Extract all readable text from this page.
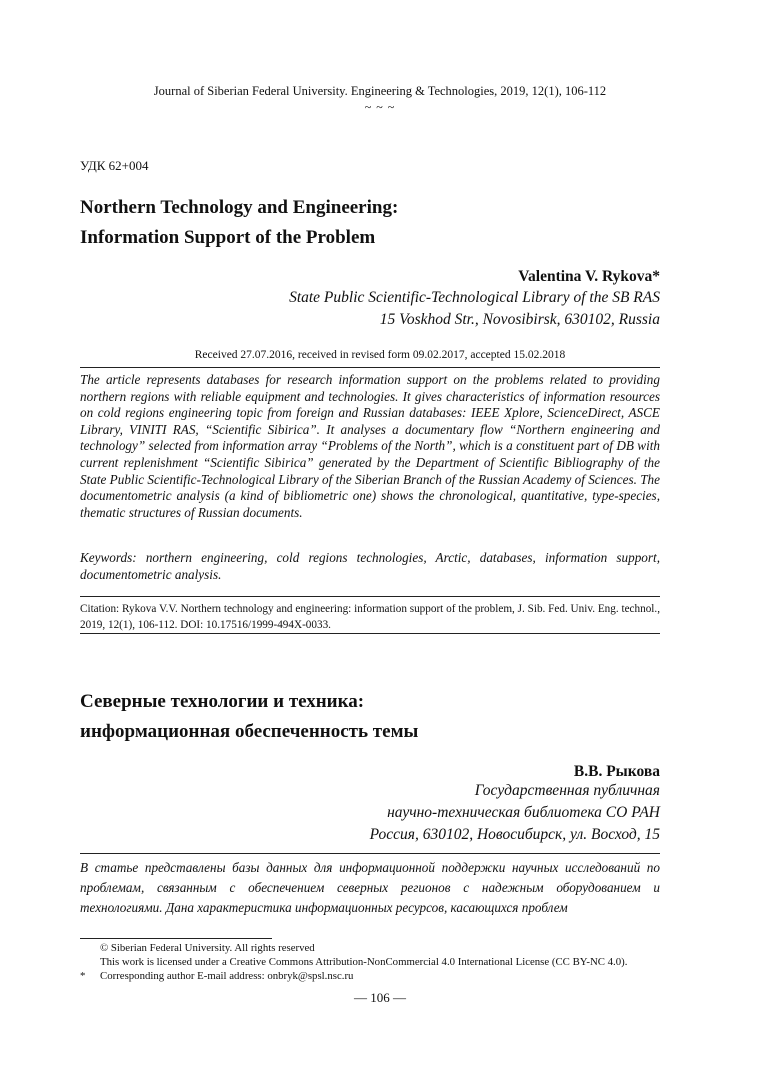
Journal of Siberian Federal University. Engineering & Technologies, 2019, 12(1), 106-112
~ ~ ~
УДК 62+004
Northern Technology and Engineering:
Information Support of the Problem
Valentina V. Rykova*
State Public Scientific-Technological Library of the SB RAS
15 Voskhod Str., Novosibirsk, 630102, Russia
Received 27.07.2016, received in revised form 09.02.2017, accepted 15.02.2018
The article represents databases for research information support on the problems related to providing northern regions with reliable equipment and technologies. It gives characteristics of information resources on cold regions engineering topic from foreign and Russian databases: IEEE Xplore, ScienceDirect, ASCE Library, VINITI RAS, “Scientific Sibirica”. It analyses a documentary flow “Northern engineering and technology” selected from information array “Problems of the North”, which is a constituent part of DB with current replenishment “Scientific Sibirica” generated by the Department of Scientific Bibliography of the State Public Scientific-Technological Library of the Siberian Branch of the Russian Academy of Sciences. The documentometric analysis (a kind of bibliometric one) shows the chronological, quantitative, type-species, thematic structures of Russian documents.
Keywords: northern engineering, cold regions technologies, Arctic, databases, information support, documentometric analysis.
Citation: Rykova V.V. Northern technology and engineering: information support of the problem, J. Sib. Fed. Univ. Eng. technol., 2019, 12(1), 106-112. DOI: 10.17516/1999-494X-0033.
Северные технологии и техника:
информационная обеспеченность темы
В.В. Рыкова
Государственная публичная
научно-техническая библиотека СО РАН
Россия, 630102, Новосибирск, ул. Восход, 15
В статье представлены базы данных для информационной поддержки научных исследований по проблемам, связанным с обеспечением северных регионов с надежным оборудованием и технологиями. Дана характеристика информационных ресурсов, касающихся проблем
© Siberian Federal University. All rights reserved
This work is licensed under a Creative Commons Attribution-NonCommercial 4.0 International License (CC BY-NC 4.0).
* Corresponding author E-mail address: onbryk@spsl.nsc.ru
— 106 —
